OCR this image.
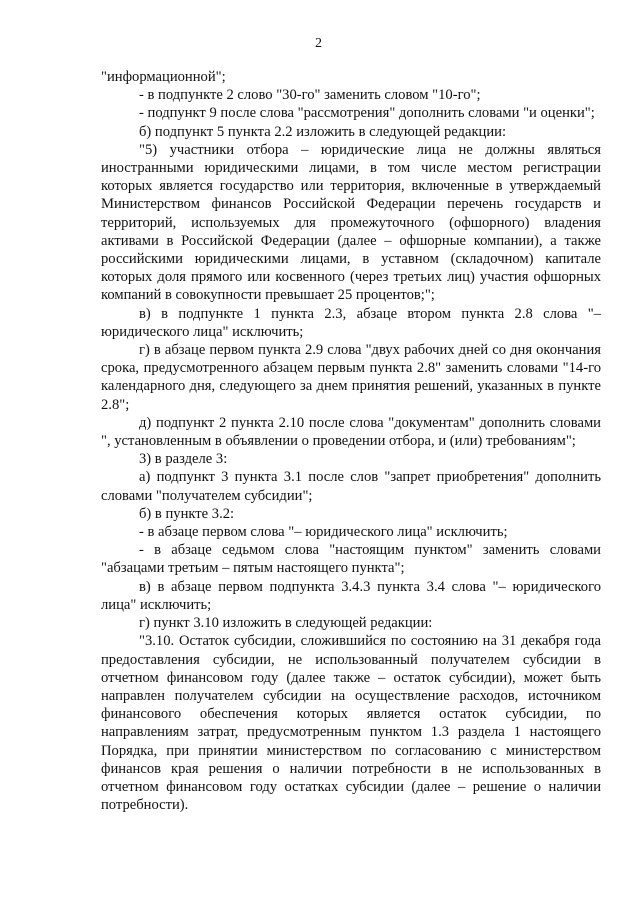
2

"информационной";

- в подпункте 2 слово "30-го" заменить словом "10-го";

- подпункт 9 после слова "рассмотрения" дополнить словами "и оценки";

б) подпункт 5 пункта 2.2 изложить в следующей редакции:

"5) участники отбора – юридические лица не должны являться иностранными юридическими лицами, в том числе местом регистрации которых является государство или территория, включенные в утверждаемый Министерством финансов Российской Федерации перечень государств и территорий, используемых для промежуточного (офшорного) владения активами в Российской Федерации (далее – офшорные компании), а также российскими юридическими лицами, в уставном (складочном) капитале которых доля прямого или косвенного (через третьих лиц) участия офшорных компаний в совокупности превышает 25 процентов;";

в) в подпункте 1 пункта 2.3, абзаце втором пункта 2.8 слова "– юридического лица" исключить;

г) в абзаце первом пункта 2.9 слова "двух рабочих дней со дня окончания срока, предусмотренного абзацем первым пункта 2.8" заменить словами "14-го календарного дня, следующего за днем принятия решений, указанных в пункте 2.8";

д) подпункт 2 пункта 2.10 после слова "документам" дополнить словами ", установленным в объявлении о проведении отбора, и (или) требованиям";

3) в разделе 3:

а) подпункт 3 пункта 3.1 после слов "запрет приобретения" дополнить словами "получателем субсидии";

б) в пункте 3.2:

- в абзаце первом слова "– юридического лица" исключить;

- в абзаце седьмом слова "настоящим пунктом" заменить словами "абзацами третьим – пятым настоящего пункта";

в) в абзаце первом подпункта 3.4.3 пункта 3.4 слова "– юридического лица" исключить;

г) пункт 3.10 изложить в следующей редакции:

"3.10. Остаток субсидии, сложившийся по состоянию на 31 декабря года предоставления субсидии, не использованный получателем субсидии в отчетном финансовом году (далее также – остаток субсидии), может быть направлен получателем субсидии на осуществление расходов, источником финансового обеспечения которых является остаток субсидии, по направлениям затрат, предусмотренным пунктом 1.3 раздела 1 настоящего Порядка, при принятии министерством по согласованию с министерством финансов края решения о наличии потребности в не использованных в отчетном финансовом году остатках субсидии (далее – решение о наличии потребности).
